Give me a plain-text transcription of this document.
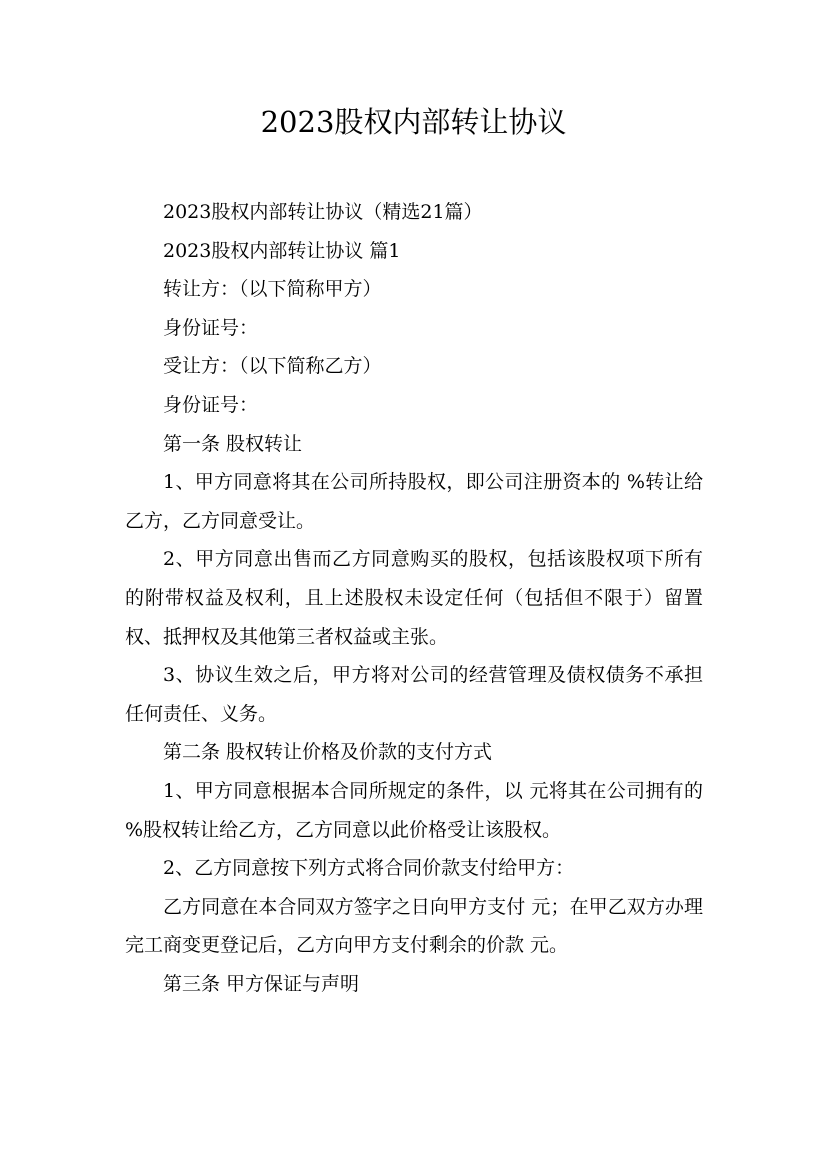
2023股权内部转让协议

2023股权内部转让协议（精选21篇）

2023股权内部转让协议 篇1

转让方：（以下简称甲方）

身份证号：

受让方：（以下简称乙方）

身份证号：

第一条 股权转让

1、甲方同意将其在公司所持股权，即公司注册资本的 %转让给乙方，乙方同意受让。

2、甲方同意出售而乙方同意购买的股权，包括该股权项下所有的附带权益及权利，且上述股权未设定任何（包括但不限于）留置权、抵押权及其他第三者权益或主张。

3、协议生效之后，甲方将对公司的经营管理及债权债务不承担任何责任、义务。

第二条 股权转让价格及价款的支付方式

1、甲方同意根据本合同所规定的条件，以 元将其在公司拥有的 %股权转让给乙方，乙方同意以此价格受让该股权。

2、乙方同意按下列方式将合同价款支付给甲方：

乙方同意在本合同双方签字之日向甲方支付 元；在甲乙双方办理完工商变更登记后，乙方向甲方支付剩余的价款 元。

第三条 甲方保证与声明
